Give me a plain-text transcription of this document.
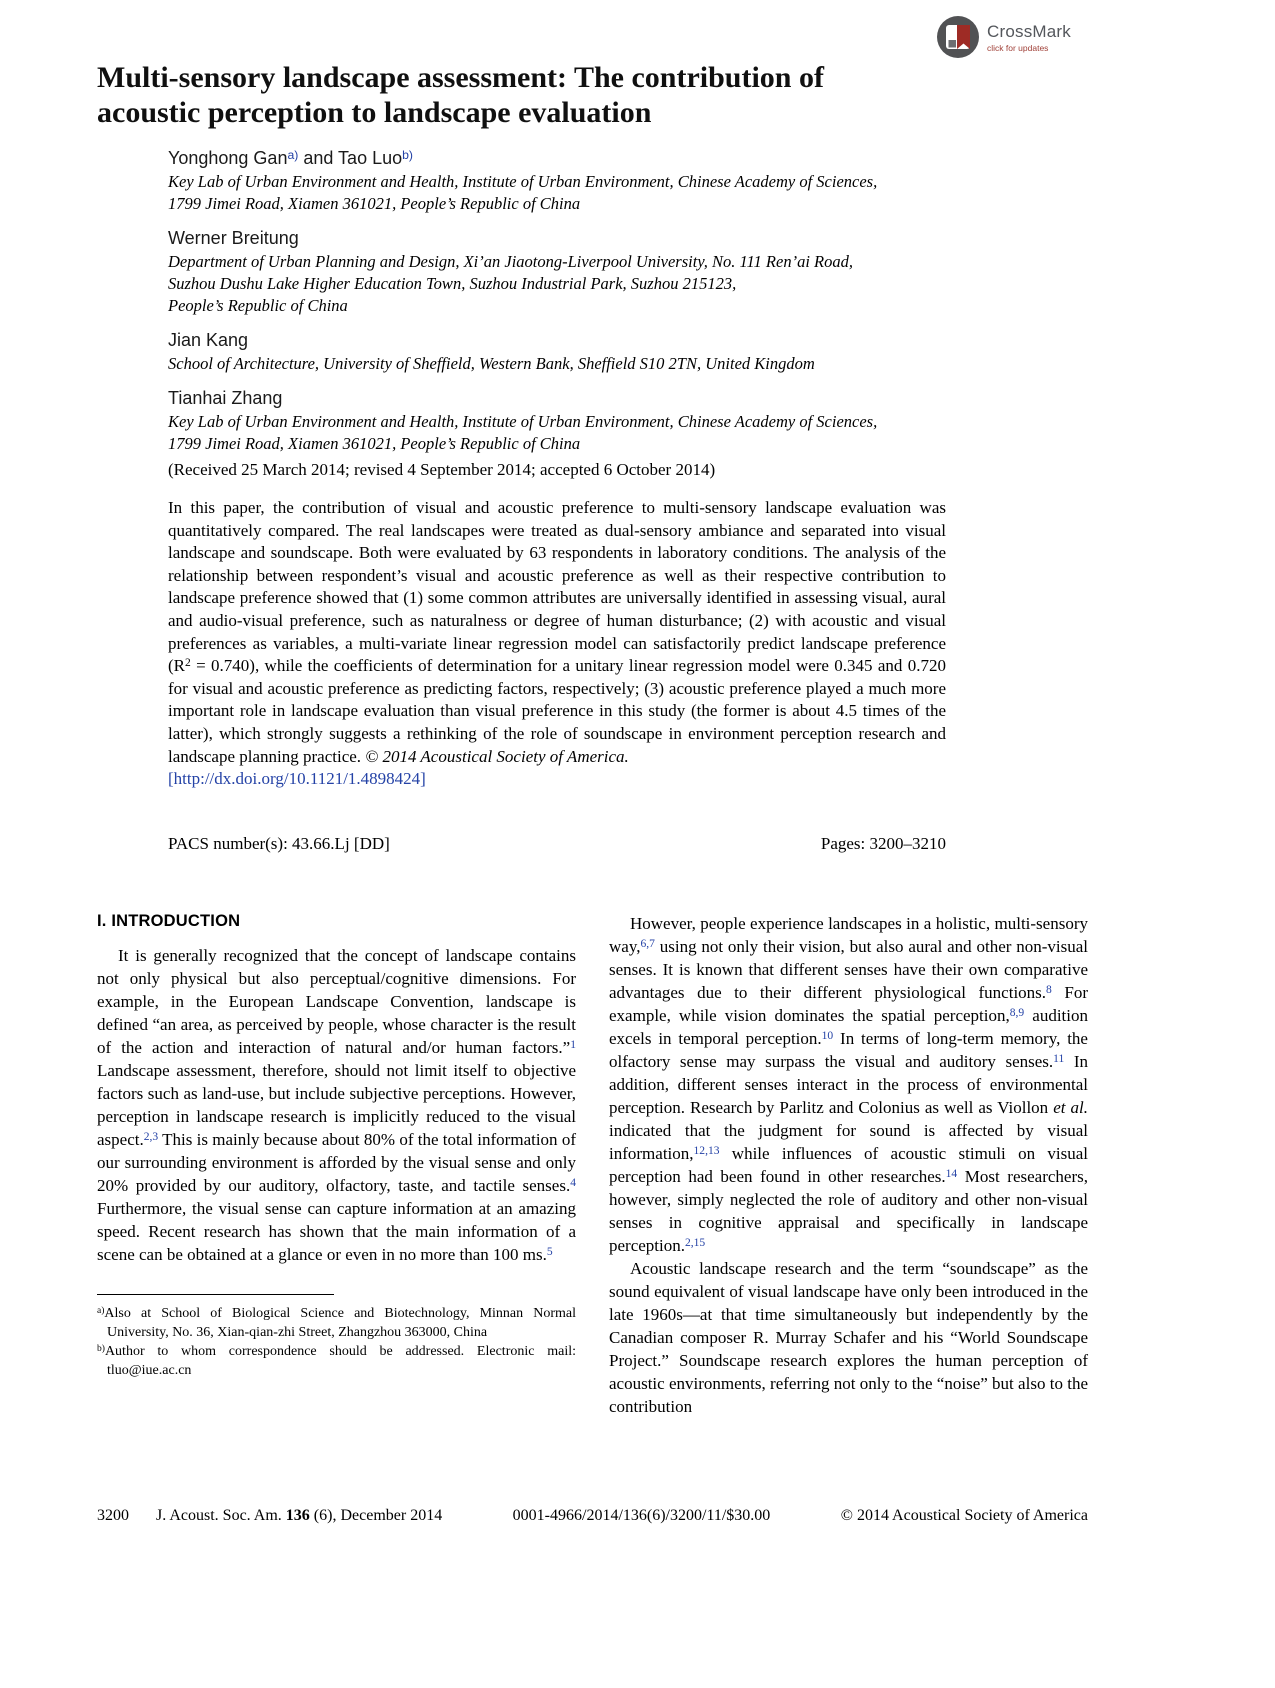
CrossMark
click for updates
Multi-sensory landscape assessment: The contribution of acoustic perception to landscape evaluation
Yonghong Gan$^{a)}$ and Tao Luo$^{b)}$
Key Lab of Urban Environment and Health, Institute of Urban Environment, Chinese Academy of Sciences,
1799 Jimei Road, Xiamen 361021, People’s Republic of China
Werner Breitung
Department of Urban Planning and Design, Xi’an Jiaotong-Liverpool University, No. 111 Ren’ai Road,
Suzhou Dushu Lake Higher Education Town, Suzhou Industrial Park, Suzhou 215123,
People’s Republic of China
Jian Kang
School of Architecture, University of Sheffield, Western Bank, Sheffield S10 2TN, United Kingdom
Tianhai Zhang
Key Lab of Urban Environment and Health, Institute of Urban Environment, Chinese Academy of Sciences,
1799 Jimei Road, Xiamen 361021, People’s Republic of China
(Received 25 March 2014; revised 4 September 2014; accepted 6 October 2014)

In this paper, the contribution of visual and acoustic preference to multi-sensory landscape evaluation was quantitatively compared. The real landscapes were treated as dual-sensory ambiance and separated into visual landscape and soundscape. Both were evaluated by 63 respondents in laboratory conditions. The analysis of the relationship between respondent’s visual and acoustic preference as well as their respective contribution to landscape preference showed that (1) some common attributes are universally identified in assessing visual, aural and audio-visual preference, such as naturalness or degree of human disturbance; (2) with acoustic and visual preferences as variables, a multi-variate linear regression model can satisfactorily predict landscape preference $(R^2 = 0.740)$, while the coefficients of determination for a unitary linear regression model were 0.345 and 0.720 for visual and acoustic preference as predicting factors, respectively; (3) acoustic preference played a much more important role in landscape evaluation than visual preference in this study (the former is about 4.5 times of the latter), which strongly suggests a rethinking of the role of soundscape in environment perception research and landscape planning practice. © 2014 Acoustical Society of America.

[http://dx.doi.org/10.1121/1.4898424]
PACS number(s): 43.66.Lj [DD]	Pages: 3200–3210
I. INTRODUCTION

It is generally recognized that the concept of landscape contains not only physical but also perceptual/cognitive dimensions. For example, in the European Landscape Convention, landscape is defined “an area, as perceived by people, whose character is the result of the action and interaction of natural and/or human factors.”$^1$ Landscape assessment, therefore, should not limit itself to objective factors such as land-use, but include subjective perceptions. However, perception in landscape research is implicitly reduced to the visual aspect.$^{2,3}$ This is mainly because about 80% of the total information of our surrounding environment is afforded by the visual sense and only 20% provided by our auditory, olfactory, taste, and tactile senses.$^4$ Furthermore, the visual sense can capture information at an amazing speed. Recent research has shown that the main information of a scene can be obtained at a glance or even in no more than 100 ms.$^5$

$^{a)}$Also at School of Biological Science and Biotechnology, Minnan Normal University, No. 36, Xian-qian-zhi Street, Zhangzhou 363000, China
$^{b)}$Author to whom correspondence should be addressed. Electronic mail: tluo@iue.ac.cn

However, people experience landscapes in a holistic, multi-sensory way,$^{6,7}$ using not only their vision, but also aural and other non-visual senses. It is known that different senses have their own comparative advantages due to their different physiological functions.$^8$ For example, while vision dominates the spatial perception,$^{8,9}$ audition excels in temporal perception.$^{10}$ In terms of long-term memory, the olfactory sense may surpass the visual and auditory senses.$^{11}$ In addition, different senses interact in the process of environmental perception. Research by Parlitz and Colonius as well as Viollon et al. indicated that the judgment for sound is affected by visual information,$^{12,13}$ while influences of acoustic stimuli on visual perception had been found in other researches.$^{14}$ Most researchers, however, simply neglected the role of auditory and other non-visual senses in cognitive appraisal and specifically in landscape perception.$^{2,15}$

Acoustic landscape research and the term “soundscape” as the sound equivalent of visual landscape have only been introduced in the late 1960s—at that time simultaneously but independently by the Canadian composer R. Murray Schafer and his “World Soundscape Project.” Soundscape research explores the human perception of acoustic environments, referring not only to the “noise” but also to the contribution

3200 J. Acoust. Soc. Am. 136 (6), December 2014	0001-4966/2014/136(6)/3200/11/$30.00	© 2014 Acoustical Society of America
